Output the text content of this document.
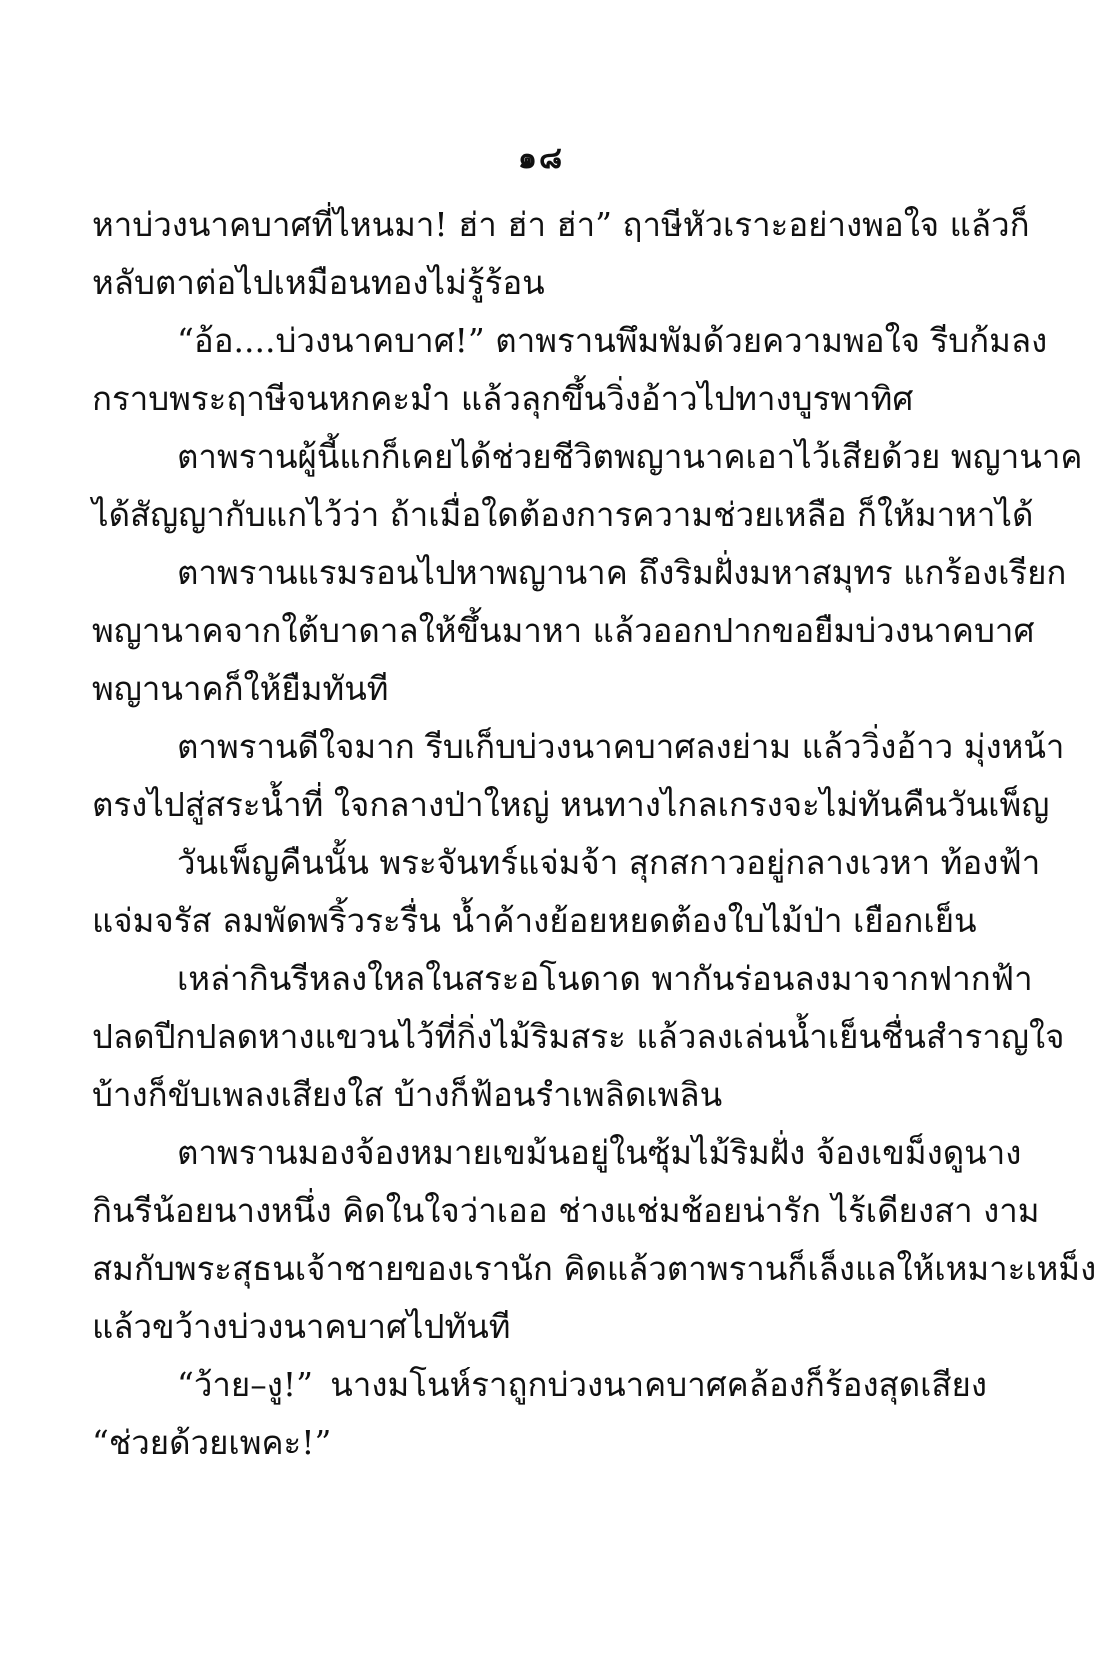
๑๘
หาบ่วงนาคบาศที่ไหนมา! ฮ่า ฮ่า ฮ่า” ฤาษีหัวเราะอย่างพอใจ แล้วก็
หลับตาต่อไปเหมือนทองไม่รู้ร้อน
“อ้อ....บ่วงนาคบาศ!” ตาพรานพึมพัมด้วยความพอใจ รีบก้มลง
กราบพระฤาษีจนหกคะมำ แล้วลุกขึ้นวิ่งอ้าวไปทางบูรพาทิศ
ตาพรานผู้นี้แกก็เคยได้ช่วยชีวิตพญานาคเอาไว้เสียด้วย พญานาค
ได้สัญญากับแกไว้ว่า ถ้าเมื่อใดต้องการความช่วยเหลือ ก็ให้มาหาได้
ตาพรานแรมรอนไปหาพญานาค ถึงริมฝั่งมหาสมุทร แกร้องเรียก
พญานาคจากใต้บาดาลให้ขึ้นมาหา แล้วออกปากขอยืมบ่วงนาคบาศ
พญานาคก็ให้ยืมทันที
ตาพรานดีใจมาก รีบเก็บบ่วงนาคบาศลงย่าม แล้ววิ่งอ้าว มุ่งหน้า
ตรงไปสู่สระน้ำที่ ใจกลางป่าใหญ่ หนทางไกลเกรงจะไม่ทันคืนวันเพ็ญ
วันเพ็ญคืนนั้น พระจันทร์แจ่มจ้า สุกสกาวอยู่กลางเวหา ท้องฟ้า
แจ่มจรัส ลมพัดพริ้วระรื่น น้ำค้างย้อยหยดต้องใบไม้ป่า เยือกเย็น
เหล่ากินรีหลงใหลในสระอโนดาด พากันร่อนลงมาจากฟากฟ้า
ปลดปีกปลดหางแขวนไว้ที่กิ่งไม้ริมสระ แล้วลงเล่นน้ำเย็นชื่นสำราญใจ
บ้างก็ขับเพลงเสียงใส บ้างก็ฟ้อนรำเพลิดเพลิน
ตาพรานมองจ้องหมายเขม้นอยู่ในซุ้มไม้ริมฝั่ง จ้องเขม็งดูนาง
กินรีน้อยนางหนึ่ง คิดในใจว่าเออ ช่างแช่มช้อยน่ารัก ไร้เดียงสา งาม
สมกับพระสุธนเจ้าชายของเรานัก คิดแล้วตาพรานก็เล็งแลให้เหมาะเหม็ง
แล้วขว้างบ่วงนาคบาศไปทันที
“ว้าย–งู!” นางมโนห์ราถูกบ่วงนาคบาศคล้องก็ร้องสุดเสียง
“ช่วยด้วยเพคะ!”
